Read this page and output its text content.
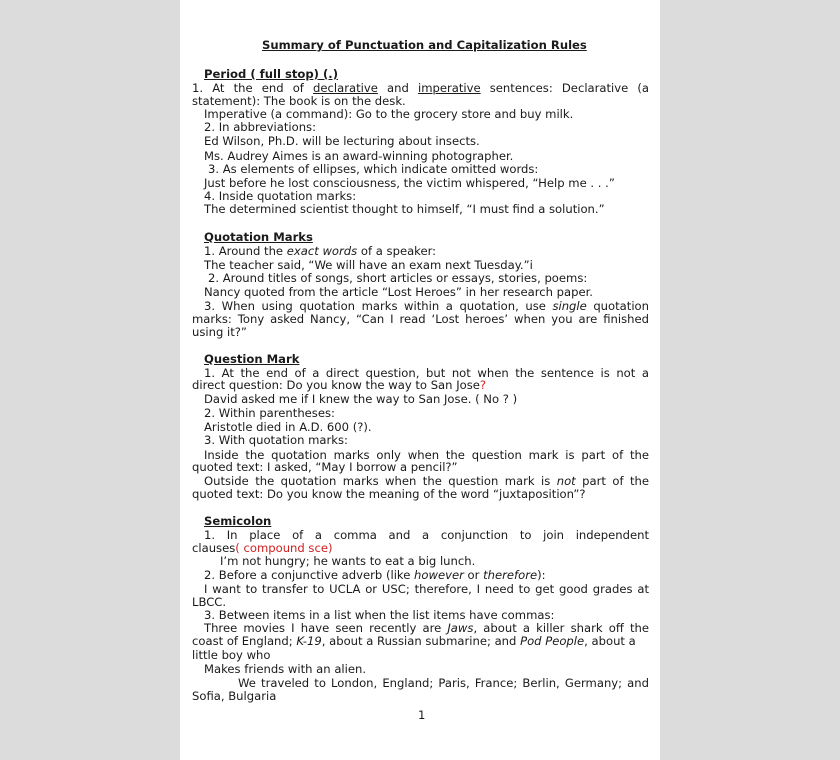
Summary of Punctuation and Capitalization Rules
Period ( full stop) (.)
1. At the end of declarative and imperative sentences: Declarative (a
statement): The book is on the desk.
Imperative (a command): Go to the grocery store and buy milk.
2. In abbreviations:
Ed Wilson, Ph.D. will be lecturing about insects.
Ms. Audrey Aimes is an award-winning photographer.
3. As elements of ellipses, which indicate omitted words:
Just before he lost consciousness, the victim whispered, “Help me . . .”
4. Inside quotation marks:
The determined scientist thought to himself, “I must find a solution.”
Quotation Marks
1. Around the exact words of a speaker:
The teacher said, “We will have an exam next Tuesday.”i
2. Around titles of songs, short articles or essays, stories, poems:
Nancy quoted from the article “Lost Heroes” in her research paper.
3. When using quotation marks within a quotation, use single quotation
marks: Tony asked Nancy, “Can I read ‘Lost heroes’ when you are finished
using it?”
Question Mark
1. At the end of a direct question, but not when the sentence is not a
direct question: Do you know the way to San Jose?
David asked me if I knew the way to San Jose. ( No ? )
2. Within parentheses:
Aristotle died in A.D. 600 (?).
3. With quotation marks:
Inside the quotation marks only when the question mark is part of the
quoted text: I asked, “May I borrow a pencil?”
Outside the quotation marks when the question mark is not part of the
quoted text: Do you know the meaning of the word “juxtaposition”?
Semicolon
1. In place of a comma and a conjunction to join independent
clauses( compound sce)
I’m not hungry; he wants to eat a big lunch.
2. Before a conjunctive adverb (like however or therefore):
I want to transfer to UCLA or USC; therefore, I need to get good grades at
LBCC.
3. Between items in a list when the list items have commas:
Three movies I have seen recently are Jaws, about a killer shark off the
coast of England; K-19, about a Russian submarine; and Pod People, about a
little boy who
Makes friends with an alien.
We traveled to London, England; Paris, France; Berlin, Germany; and
Sofia, Bulgaria
1
